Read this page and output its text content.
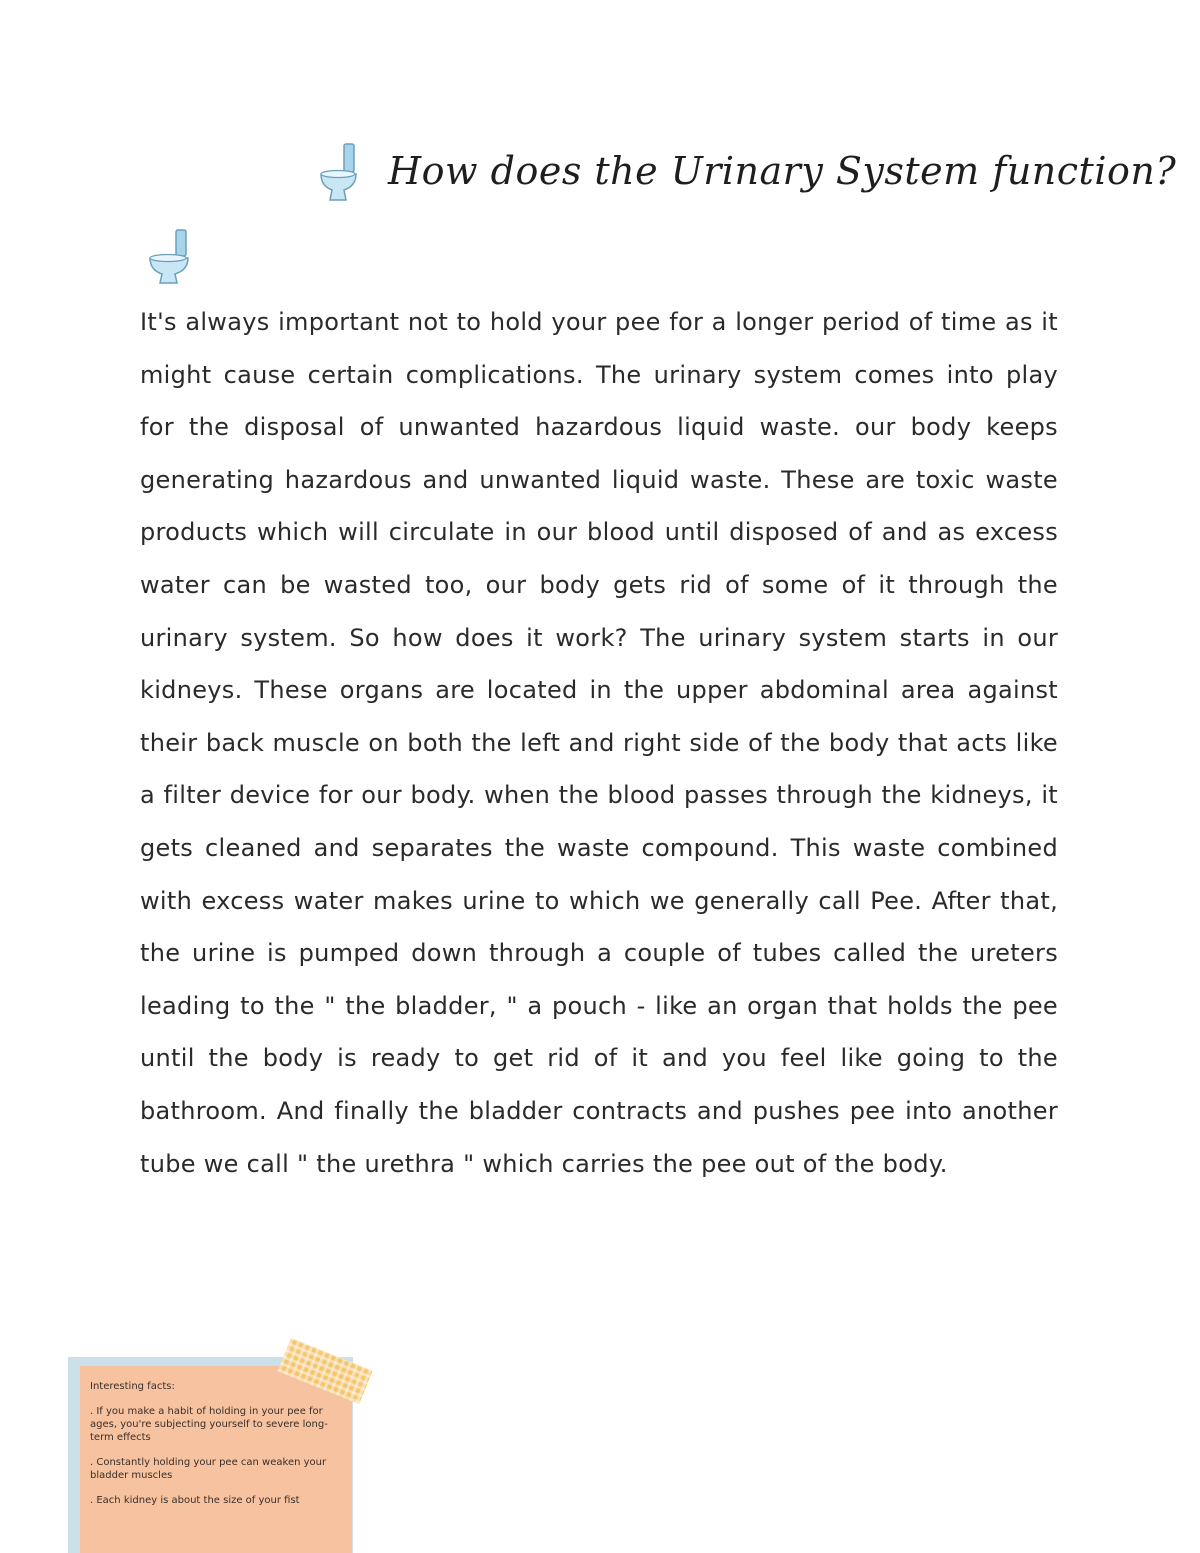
How does the Urinary System function?

It's always important not to hold your pee for a longer period of time as it might cause certain complications. The urinary system comes into play for the disposal of unwanted hazardous liquid waste. our body keeps generating hazardous and unwanted liquid waste. These are toxic waste products which will circulate in our blood until disposed of and as excess water can be wasted too, our body gets rid of some of it through the urinary system. So how does it work? The urinary system starts in our kidneys. These organs are located in the upper abdominal area against their back muscle on both the left and right side of the body that acts like a filter device for our body. when the blood passes through the kidneys, it gets cleaned and separates the waste compound. This waste combined with excess water makes urine to which we generally call Pee. After that, the urine is pumped down through a couple of tubes called the ureters leading to the " the bladder, " a pouch - like an organ that holds the pee until the body is ready to get rid of it and you feel like going to the bathroom. And finally the bladder contracts and pushes pee into another tube we call " the urethra " which carries the pee out of the body.

Interesting facts:

. If you make a habit of holding in your pee for ages, you're subjecting yourself to severe long-term effects

. Constantly holding your pee can weaken your bladder muscles

. Each kidney is about the size of your fist
